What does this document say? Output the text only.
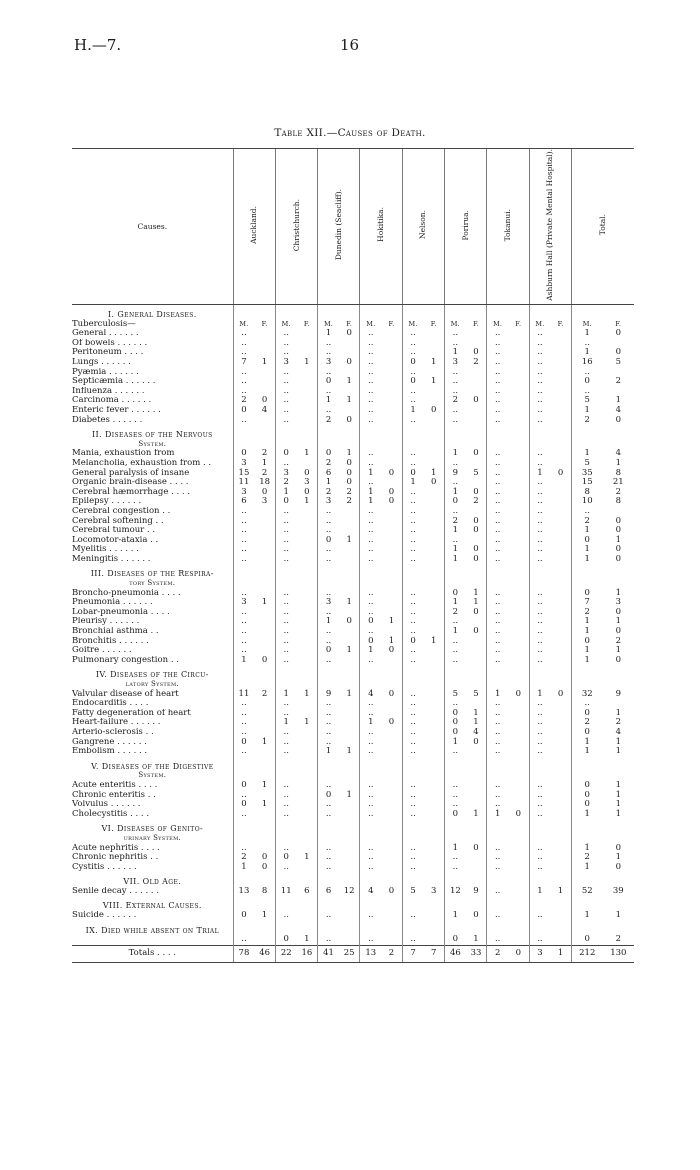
H.—7.	16
Table XII.—Causes of Death.
Causes.	Auckland.		Christchurch.		Dunedin (Seacliff).		Hokitika.		Nelson.		Porirua.		Tokanui.		Ashburn Hall (Private Mental Hospital).		Total.	
I. General Diseases.																		
Tuberculosis—	M.	F.	M.	F.	M.	F.	M.	F.	M.	F.	M.	F.	M.	F.	M.	F.	M.	F.
General . . . . . .	..		..		1	0	..		..		..		..		..		1	0
Of bowels . . . . . .	..		..		..		..		..		..		..		..		..	
Peritoneum . . . .	..		..		..		..		..		1	0	..		..		1	0
Lungs . . . . . .	7	1	3	1	3	0	..		0	1	3	2	..		..		16	5
Pyæmia . . . . . .	..		..		..		..		..		..		..		..		..	
Septicæmia . . . . . .	..		..		0	1	..		0	1	..		..		..		0	2
Influenza . . . . . .	..		..		..		..		..		..		..		..		..	
Carcinoma . . . . . .	2	0	..		1	1	..		..		2	0	..		..		5	1
Enteric fever . . . . . .	0	4	..		..		..		1	0	..		..		..		1	4
Diabetes . . . . . .	..		..		2	0	..		..		..		..		..		2	0
II. Diseases of the Nervous																		
System.																		
Mania, exhaustion from	0	2	0	1	0	1	..		..		1	0	..		..		1	4
Melancholia, exhaustion from . .	3	1	..		2	0	..		..		..		..		..		5	1
General paralysis of insane	15	2	3	0	6	0	1	0	0	1	9	5	..		1	0	35	8
Organic brain-disease . . . .	11	18	2	3	1	0	..		1	0	..		..		..		15	21
Cerebral hæmorrhage . . . .	3	0	1	0	2	2	1	0	..		1	0	..		..		8	2
Epilepsy . . . . . .	6	3	0	1	3	2	1	0	..		0	2	..		..		10	8
Cerebral congestion . .	..		..		..		..		..		..		..		..		..	
Cerebral softening . .	..		..		..		..		..		2	0	..		..		2	0
Cerebral tumour . .	..		..		..		..		..		1	0	..		..		1	0
Locomotor-ataxia . .	..		..		0	1	..		..		..		..		..		0	1
Myelitis . . . . . .	..		..		..		..		..		1	0	..		..		1	0
Meningitis . . . . . .	..		..		..		..		..		1	0	..		..		1	0
III. Diseases of the Respira-																		
tory System.																		
Broncho-pneumonia . . . .	..		..		..		..		..		0	1	..		..		0	1
Pneumonia . . . . . .	3	1	..		3	1	..		..		1	1	..		..		7	3
Lobar-pneumonia . . . .	..		..		..		..		..		2	0	..		..		2	0
Pleurisy . . . . . .	..		..		1	0	0	1	..		..		..		..		1	1
Bronchial asthma . .	..		..		..		..		..		1	0	..		..		1	0
Bronchitis . . . . . .	..		..		..		0	1	0	1	..		..		..		0	2
Goitre . . . . . .	..		..		0	1	1	0	..		..		..		..		1	1
Pulmonary congestion . .	1	0	..		..		..		..		..		..		..		1	0
IV. Diseases of the Circu-																		
latory System.																		
Valvular disease of heart	11	2	1	1	9	1	4	0	..		5	5	1	0	1	0	32	9
Endocarditis . . . .	..		..		..		..		..		..		..		..		..	
Fatty degeneration of heart	..		..		..		..		..		0	1	..		..		0	1
Heart-failure . . . . . .	..		1	1	..		1	0	..		0	1	..		..		2	2
Arterio-sclerosis . .	..		..		..		..		..		0	4	..		..		0	4
Gangrene . . . . . .	0	1	..		..		..		..		1	0	..		..		1	1
Embolism . . . . . .	..		..		1	1	..		..		..		..		..		1	1
V. Diseases of the Digestive																		
System.																		
Acute enteritis . . . .	0	1	..		..		..		..		..		..		..		0	1
Chronic enteritis . .	..		..		0	1	..		..		..		..		..		0	1
Volvulus . . . . . .	0	1	..		..		..		..		..		..		..		0	1
Cholecystitis . . . .	..		..		..		..		..		0	1	1	0	..		1	1
VI. Diseases of Genito-																		
urinary System.																		
Acute nephritis . . . .	..		..		..		..		..		1	0	..		..		1	0
Chronic nephritis . .	2	0	0	1	..		..		..		..		..		..		2	1
Cystitis . . . . . .	1	0	..		..		..		..		..		..		..		1	0
VII. Old Age.																		
Senile decay . . . . . .	13	8	11	6	6	12	4	0	5	3	12	9	..		1	1	52	39
VIII. External Causes.																		
Suicide . . . . . .	0	1	..		..		..		..		1	0	..		..		1	1
IX. Died while absent on Trial																		
	..		0	1	..		..		..		0	1	..		..		0	2
Totals . . . .	78	46	22	16	41	25	13	2	7	7	46	33	2	0	3	1	212	130
